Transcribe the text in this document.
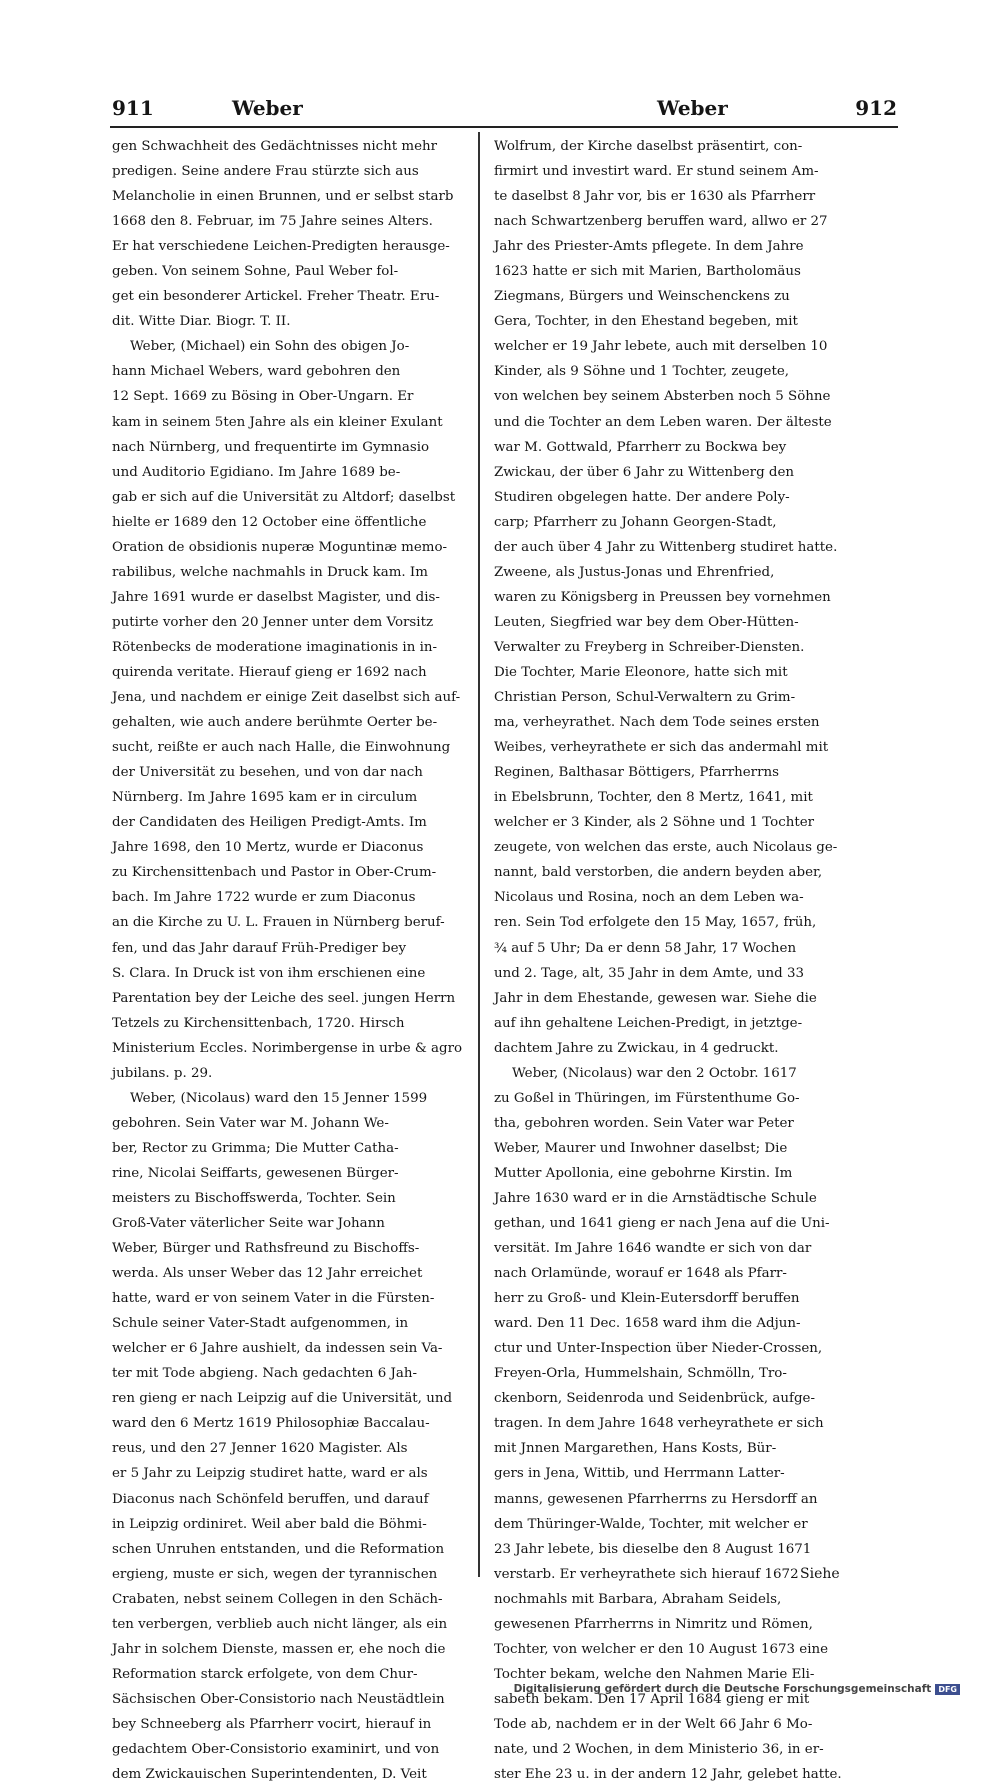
911	Weber	Weber	912

gen Schwachheit des Gedächtnisses nicht mehr
predigen. Seine andere Frau stürzte sich aus
Melancholie in einen Brunnen, und er selbst starb
1668 den 8. Februar, im 75 Jahre seines Alters.
Er hat verschiedene Leichen-Predigten herausge-
geben. Von seinem Sohne, Paul Weber fol-
get ein besonderer Artickel. Freher Theatr. Eru-
dit. Witte Diar. Biogr. T. II.

Weber, (Michael) ein Sohn des obigen Jo-
hann Michael Webers, ward gebohren den
12 Sept. 1669 zu Bösing in Ober-Ungarn. Er
kam in seinem 5ten Jahre als ein kleiner Exulant
nach Nürnberg, und frequentirte im Gymnasio
und Auditorio Egidiano. Im Jahre 1689 be-
gab er sich auf die Universität zu Altdorf; daselbst
hielte er 1689 den 12 October eine öffentliche
Oration de obsidionis nuperæ Moguntinæ memo-
rabilibus, welche nachmahls in Druck kam. Im
Jahre 1691 wurde er daselbst Magister, und dis-
putirte vorher den 20 Jenner unter dem Vorsitz
Rötenbecks de moderatione imaginationis in in-
quirenda veritate. Hierauf gieng er 1692 nach
Jena, und nachdem er einige Zeit daselbst sich auf-
gehalten, wie auch andere berühmte Oerter be-
sucht, reißte er auch nach Halle, die Einwohnung
der Universität zu besehen, und von dar nach
Nürnberg. Im Jahre 1695 kam er in circulum
der Candidaten des Heiligen Predigt-Amts. Im
Jahre 1698, den 10 Mertz, wurde er Diaconus
zu Kirchensittenbach und Pastor in Ober-Crum-
bach. Im Jahre 1722 wurde er zum Diaconus
an die Kirche zu U. L. Frauen in Nürnberg beruf-
fen, und das Jahr darauf Früh-Prediger bey
S. Clara. In Druck ist von ihm erschienen eine
Parentation bey der Leiche des seel. jungen Herrn
Tetzels zu Kirchensittenbach, 1720. Hirsch
Ministerium Eccles. Norimbergense in urbe & agro
jubilans. p. 29.

Weber, (Nicolaus) ward den 15 Jenner 1599
gebohren. Sein Vater war M. Johann We-
ber, Rector zu Grimma; Die Mutter Catha-
rine, Nicolai Seiffarts, gewesenen Bürger-
meisters zu Bischoffswerda, Tochter. Sein
Groß-Vater väterlicher Seite war Johann
Weber, Bürger und Rathsfreund zu Bischoffs-
werda. Als unser Weber das 12 Jahr erreichet
hatte, ward er von seinem Vater in die Fürsten-
Schule seiner Vater-Stadt aufgenommen, in
welcher er 6 Jahre aushielt, da indessen sein Va-
ter mit Tode abgieng. Nach gedachten 6 Jah-
ren gieng er nach Leipzig auf die Universität, und
ward den 6 Mertz 1619 Philosophiæ Baccalau-
reus, und den 27 Jenner 1620 Magister. Als
er 5 Jahr zu Leipzig studiret hatte, ward er als
Diaconus nach Schönfeld beruffen, und darauf
in Leipzig ordiniret. Weil aber bald die Böhmi-
schen Unruhen entstanden, und die Reformation
ergieng, muste er sich, wegen der tyrannischen
Crabaten, nebst seinem Collegen in den Schäch-
ten verbergen, verblieb auch nicht länger, als ein
Jahr in solchem Dienste, massen er, ehe noch die
Reformation starck erfolgete, von dem Chur-
Sächsischen Ober-Consistorio nach Neustädtlein
bey Schneeberg als Pfarrherr vocirt, hierauf in
gedachtem Ober-Consistorio examinirt, und von
dem Zwickauischen Superintendenten, D. Veit

Wolfrum, der Kirche daselbst präsentirt, con-
firmirt und investirt ward. Er stund seinem Am-
te daselbst 8 Jahr vor, bis er 1630 als Pfarrherr
nach Schwartzenberg beruffen ward, allwo er 27
Jahr des Priester-Amts pflegete. In dem Jahre
1623 hatte er sich mit Marien, Bartholomäus
Ziegmans, Bürgers und Weinschenckens zu
Gera, Tochter, in den Ehestand begeben, mit
welcher er 19 Jahr lebete, auch mit derselben 10
Kinder, als 9 Söhne und 1 Tochter, zeugete,
von welchen bey seinem Absterben noch 5 Söhne
und die Tochter an dem Leben waren. Der älteste
war M. Gottwald, Pfarrherr zu Bockwa bey
Zwickau, der über 6 Jahr zu Wittenberg den
Studiren obgelegen hatte. Der andere Poly-
carp; Pfarrherr zu Johann Georgen-Stadt,
der auch über 4 Jahr zu Wittenberg studiret hatte.
Zweene, als Justus-Jonas und Ehrenfried,
waren zu Königsberg in Preussen bey vornehmen
Leuten, Siegfried war bey dem Ober-Hütten-
Verwalter zu Freyberg in Schreiber-Diensten.
Die Tochter, Marie Eleonore, hatte sich mit
Christian Person, Schul-Verwaltern zu Grim-
ma, verheyrathet. Nach dem Tode seines ersten
Weibes, verheyrathete er sich das andermahl mit
Reginen, Balthasar Böttigers, Pfarrherrns
in Ebelsbrunn, Tochter, den 8 Mertz, 1641, mit
welcher er 3 Kinder, als 2 Söhne und 1 Tochter
zeugete, von welchen das erste, auch Nicolaus ge-
nannt, bald verstorben, die andern beyden aber,
Nicolaus und Rosina, noch an dem Leben wa-
ren. Sein Tod erfolgete den 15 May, 1657, früh,
¾ auf 5 Uhr; Da er denn 58 Jahr, 17 Wochen
und 2. Tage, alt, 35 Jahr in dem Amte, und 33
Jahr in dem Ehestande, gewesen war. Siehe die
auf ihn gehaltene Leichen-Predigt, in jetztge-
dachtem Jahre zu Zwickau, in 4 gedruckt.

Weber, (Nicolaus) war den 2 Octobr. 1617
zu Goßel in Thüringen, im Fürstenthume Go-
tha, gebohren worden. Sein Vater war Peter
Weber, Maurer und Inwohner daselbst; Die
Mutter Apollonia, eine gebohrne Kirstin. Im
Jahre 1630 ward er in die Arnstädtische Schule
gethan, und 1641 gieng er nach Jena auf die Uni-
versität. Im Jahre 1646 wandte er sich von dar
nach Orlamünde, worauf er 1648 als Pfarr-
herr zu Groß- und Klein-Eutersdorff beruffen
ward. Den 11 Dec. 1658 ward ihm die Adjun-
ctur und Unter-Inspection über Nieder-Crossen,
Freyen-Orla, Hummelshain, Schmölln, Tro-
ckenborn, Seidenroda und Seidenbrück, aufge-
tragen. In dem Jahre 1648 verheyrathete er sich
mit Jnnen Margarethen, Hans Kosts, Bür-
gers in Jena, Wittib, und Herrmann Latter-
manns, gewesenen Pfarrherrns zu Hersdorff an
dem Thüringer-Walde, Tochter, mit welcher er
23 Jahr lebete, bis dieselbe den 8 August 1671
verstarb. Er verheyrathete sich hierauf 1672
nochmahls mit Barbara, Abraham Seidels,
gewesenen Pfarrherrns in Nimritz und Römen,
Tochter, von welcher er den 10 August 1673 eine
Tochter bekam, welche den Nahmen Marie Eli-
sabeth bekam. Den 17 April 1684 gieng er mit
Tode ab, nachdem er in der Welt 66 Jahr 6 Mo-
nate, und 2 Wochen, in dem Ministerio 36, in er-
ster Ehe 23 u. in der andern 12 Jahr, gelebet hatte.

Siehe
Digitalisierung gefördert durch die Deutsche Forschungsgemeinschaft DFG
